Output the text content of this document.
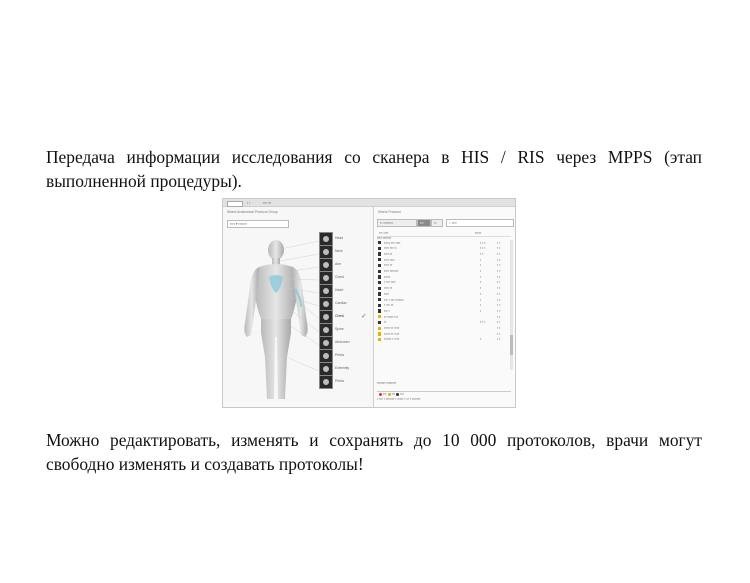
Передача информации исследования со сканера в HIS / RIS через MPPS (этап выполненной процедуры).

▪ ▪	▪▪▪ ▪▪▪
Select Anatomical Protocol Group
▪▪▪▪ ▾ ▪▪▪▪▪▪▪
Head
Neck
Arm
Chest
Heart
Cardiac
Chest ✓
Spine
Abdomen
Pelvis
Extremity
Pelvis
Select Protocol
▪▪ ▪▪▪▪▪▪▪▪	▪▪▪	▪▪	⌕ ▪▪▪▪
▪▪▪ ▪▪▪▪	▪▪▪▪▪
▪▪▪▪ ▪▪▪▪▪▪▪
▪▪▪▪▪ ▪▪▪ ▪▪▪▪	▪ ▪ ▪	▪ ▪
▪▪▪▪ ▪▪▪ ▪▪	▪ ▪ ▪	▪ ▪
▪▪▪▪ ▪▪	▪ ▪	▪ ▪
▪▪▪▪ ▪▪▪▪	▪	▪ ▪
▪▪▪▪ ▪▪	▪	▪ ▪
▪▪▪▪ ▪▪▪▪▪▪▪	▪	▪ ▪
▪▪▪▪▪	▪	▪ ▪
▪ ▪▪▪ ▪▪▪▪	▪	▪ ▪
▪▪▪▪ ▪▪	▪	▪ ▪
▪▪▪▪	▪	▪ ▪
▪▪▪ ▪ ▪▪▪ ▪▪▪▪▪▪▪	▪	▪ ▪
▪ ▪▪▪ ▪▪	▪	▪ ▪
▪▪▪ ▪	▪	▪ ▪
▪▪ ▪▪▪▪▪ ▪▪▪	▪ ▪
▪▪	▪ ▪ ▪	▪ ▪
▪▪▪▪▪ ▪▪ ▪▪▪▪	▪ ▪
▪▪▪▪▪ ▪▪ ▪▪▪▪	▪ ▪
▪▪▪▪▪▪ ▪ ▪▪▪▪	▪	▪ ▪
▪▪▪▪▪▪▪ ▪▪▪▪▪▪▪▪
▪▪▪ ▪▪▪ ▪▪▪
▪ ▪▪▪ ▪ ▪▪▪▪▪▪▪ ▪ ▪▪▪▪▪ ▪ ▪▪ ▪ ▪▪▪▪▪▪▪

Можно редактировать, изменять и сохранять до 10 000 протоколов, врачи могут свободно изменять и создавать протоколы!
